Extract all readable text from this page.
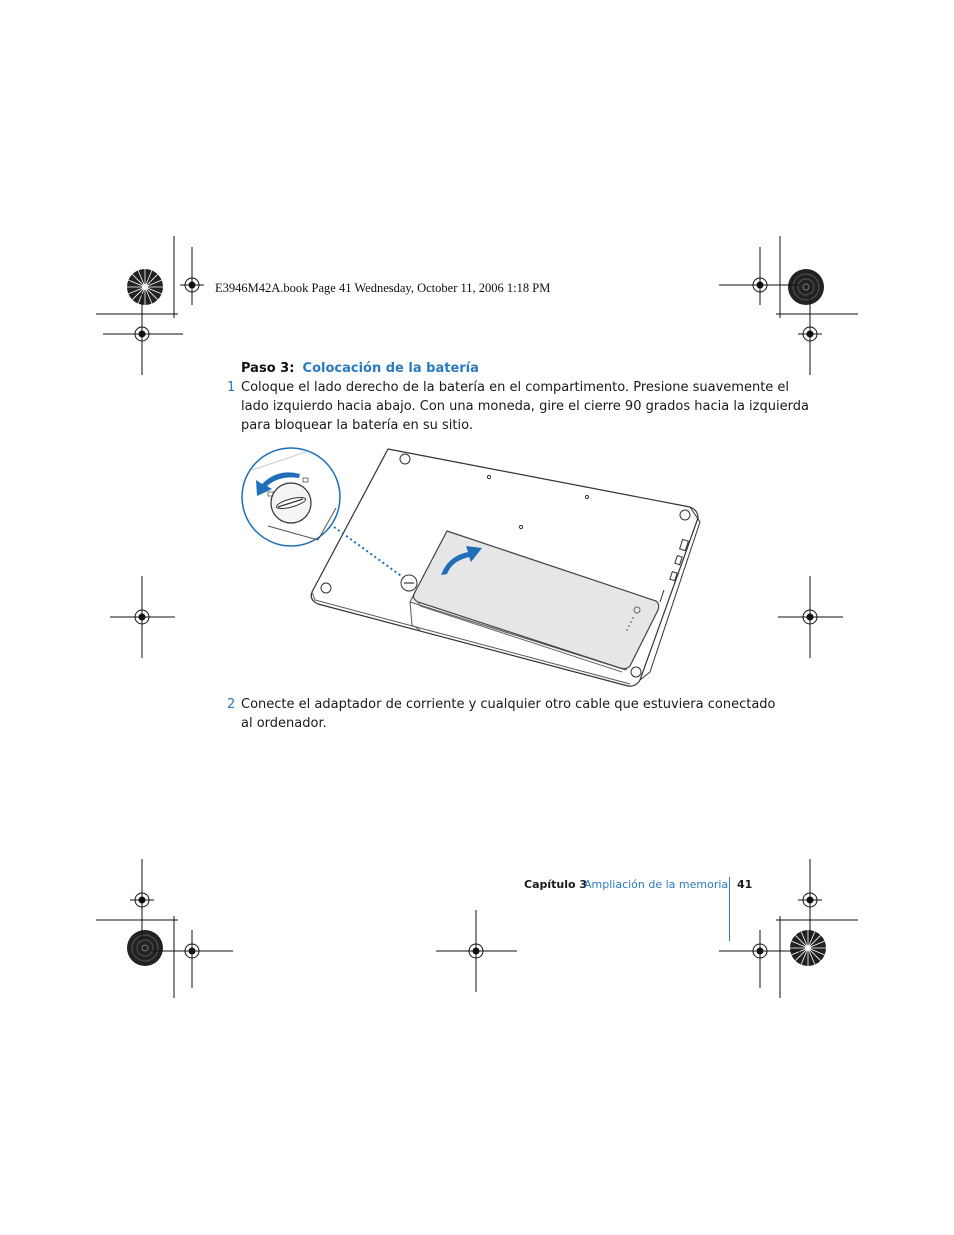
E3946M42A.book Page 41 Wednesday, October 11, 2006 1:18 PM
Paso 3: Colocación de la batería
1 Coloque el lado derecho de la batería en el compartimento. Presione suavemente el
lado izquierdo hacia abajo. Con una moneda, gire el cierre 90 grados hacia la izquierda
para bloquear la batería en su sitio.
2 Conecte el adaptador de corriente y cualquier otro cable que estuviera conectado
al ordenador.
Capítulo 3
Ampliación de la memoria 41
